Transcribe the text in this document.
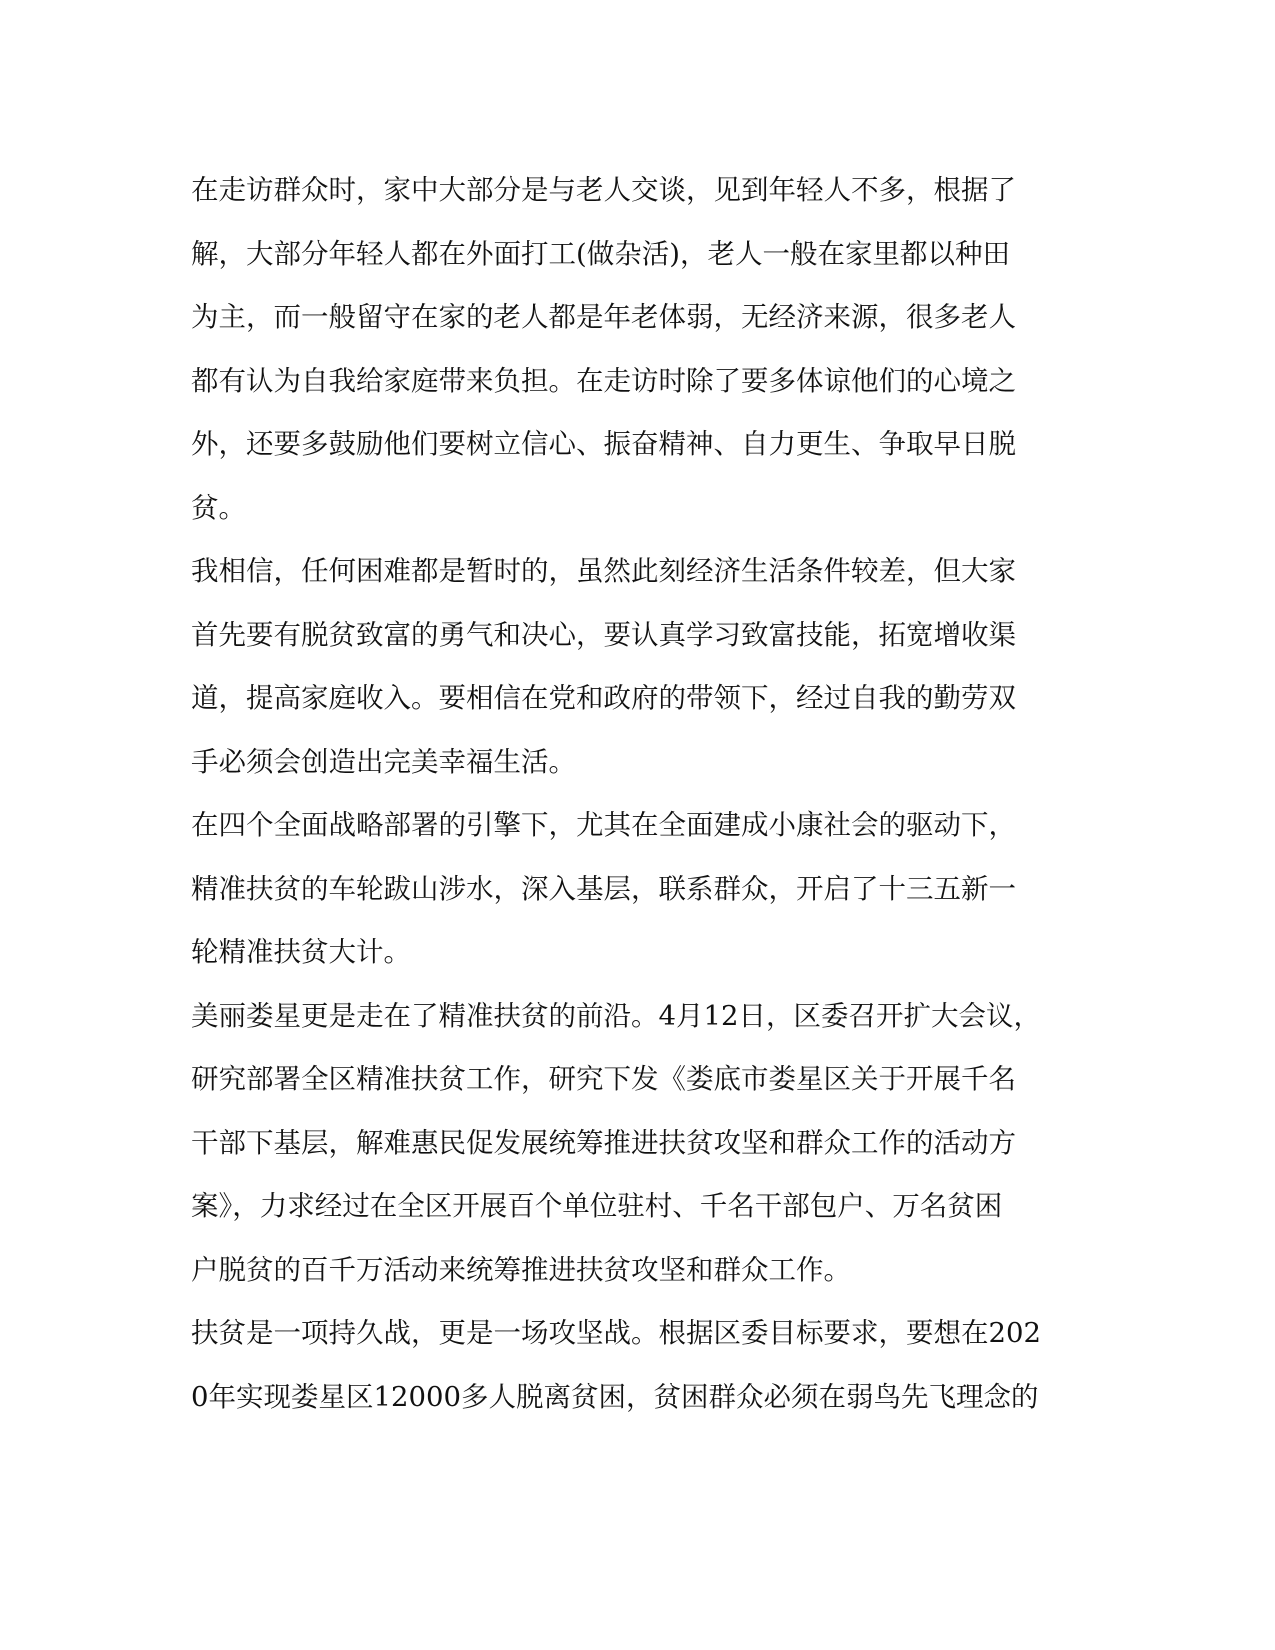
在走访群众时，家中大部分是与老人交谈，见到年轻人不多，根据了
解，大部分年轻人都在外面打工(做杂活)，老人一般在家里都以种田
为主，而一般留守在家的老人都是年老体弱，无经济来源，很多老人
都有认为自我给家庭带来负担。在走访时除了要多体谅他们的心境之
外，还要多鼓励他们要树立信心、振奋精神、自力更生、争取早日脱
贫。
我相信，任何困难都是暂时的，虽然此刻经济生活条件较差，但大家
首先要有脱贫致富的勇气和决心，要认真学习致富技能，拓宽增收渠
道，提高家庭收入。要相信在党和政府的带领下，经过自我的勤劳双
手必须会创造出完美幸福生活。
在四个全面战略部署的引擎下，尤其在全面建成小康社会的驱动下，
精准扶贫的车轮跋山涉水，深入基层，联系群众，开启了十三五新一
轮精准扶贫大计。
美丽娄星更是走在了精准扶贫的前沿。4月12日，区委召开扩大会议，
研究部署全区精准扶贫工作，研究下发《娄底市娄星区关于开展千名
干部下基层，解难惠民促发展统筹推进扶贫攻坚和群众工作的活动方
案》，力求经过在全区开展百个单位驻村、千名干部包户、万名贫困
户脱贫的百千万活动来统筹推进扶贫攻坚和群众工作。
扶贫是一项持久战，更是一场攻坚战。根据区委目标要求，要想在202
0年实现娄星区12000多人脱离贫困，贫困群众必须在弱鸟先飞理念的
